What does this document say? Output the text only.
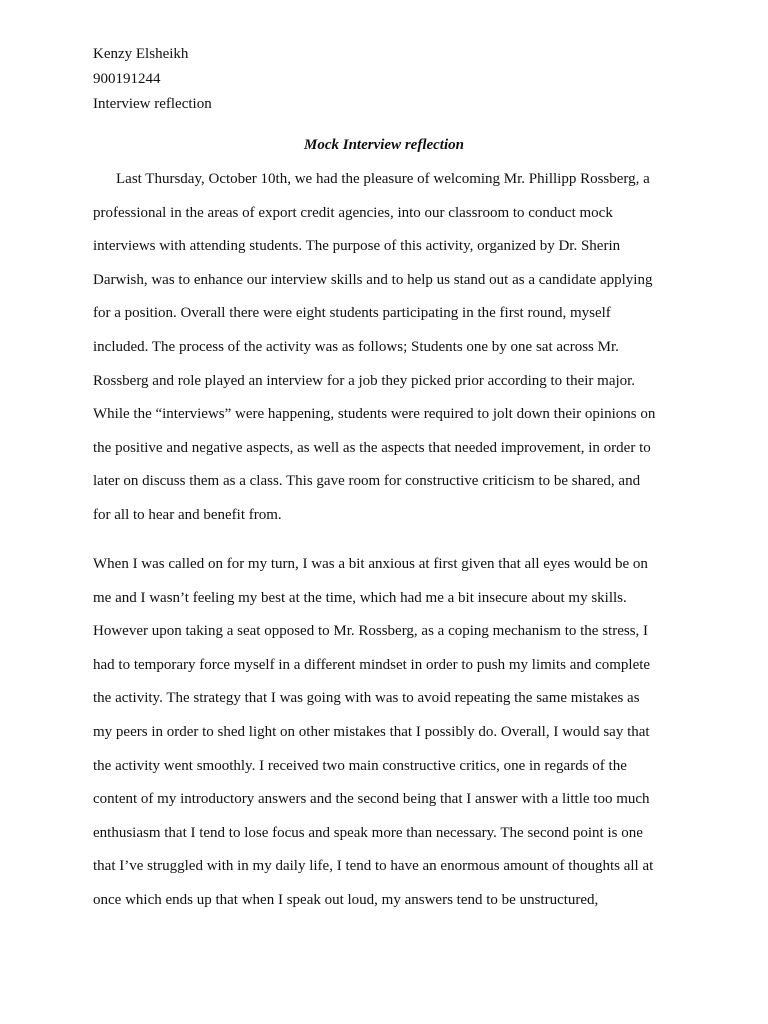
Kenzy Elsheikh
900191244
Interview reflection
Mock Interview reflection
Last Thursday, October 10th, we had the pleasure of welcoming Mr. Phillipp Rossberg, a
professional in the areas of export credit agencies, into our classroom to conduct mock
interviews with attending students. The purpose of this activity, organized by Dr. Sherin
Darwish, was to enhance our interview skills and to help us stand out as a candidate applying
for a position. Overall there were eight students participating in the first round, myself
included. The process of the activity was as follows; Students one by one sat across Mr.
Rossberg and role played an interview for a job they picked prior according to their major.
While the “interviews” were happening, students were required to jolt down their opinions on
the positive and negative aspects, as well as the aspects that needed improvement, in order to
later on discuss them as a class. This gave room for constructive criticism to be shared, and
for all to hear and benefit from.
When I was called on for my turn, I was a bit anxious at first given that all eyes would be on
me and I wasn’t feeling my best at the time, which had me a bit insecure about my skills.
However upon taking a seat opposed to Mr. Rossberg, as a coping mechanism to the stress, I
had to temporary force myself in a different mindset in order to push my limits and complete
the activity. The strategy that I was going with was to avoid repeating the same mistakes as
my peers in order to shed light on other mistakes that I possibly do. Overall, I would say that
the activity went smoothly. I received two main constructive critics, one in regards of the
content of my introductory answers and the second being that I answer with a little too much
enthusiasm that I tend to lose focus and speak more than necessary. The second point is one
that I’ve struggled with in my daily life, I tend to have an enormous amount of thoughts all at
once which ends up that when I speak out loud, my answers tend to be unstructured,
